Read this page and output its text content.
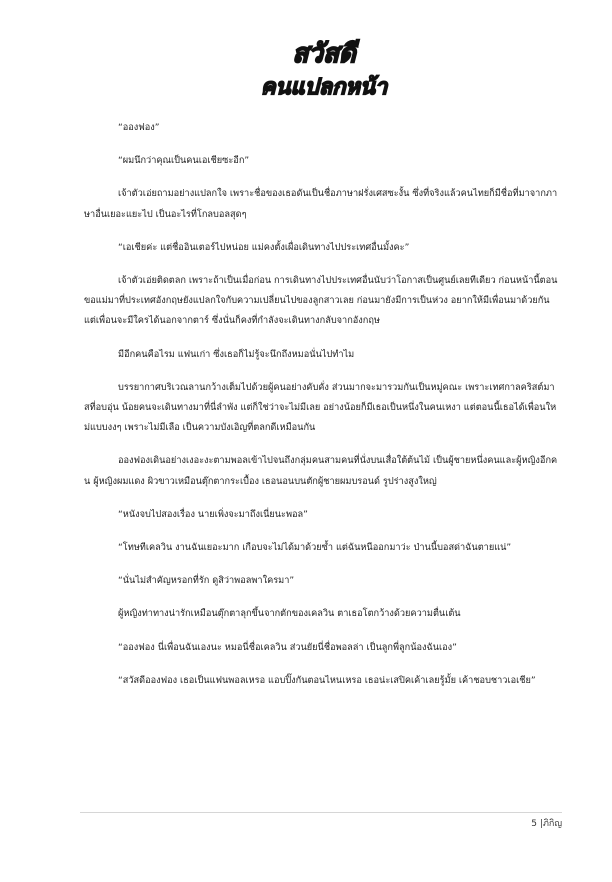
สวัสดี
คนแปลกหน้า

“อองฟอง”

“ผมนึกว่าคุณเป็นคนเอเชียซะอีก”

เจ้าตัวเอ่ยถามอย่างแปลกใจ เพราะชื่อของเธอดันเป็นชื่อภาษาฝรั่งเศสซะงั้น ซึ่งที่จริงแล้วคนไทยก็มีชื่อที่มาจากภาษาอื่นเยอะแยะไป เป็นอะไรที่โกลบอลสุดๆ

“เอเชียค่ะ แต่ชื่ออินเตอร์ไปหน่อย แม่คงตั้งเผื่อเดินทางไปประเทศอื่นมั้งคะ”

เจ้าตัวเอ่ยติดตลก เพราะถ้าเป็นเมื่อก่อน การเดินทางไปประเทศอื่นนับว่าโอกาสเป็นศูนย์เลยทีเดียว ก่อนหน้านี้ตอนขอแม่มาที่ประเทศอังกฤษยังแปลกใจกับความเปลี่ยนไปของลูกสาวเลย ก่อนมายังมีการเป็นห่วง อยากให้มีเพื่อนมาด้วยกัน แต่เพื่อนจะมีใครได้นอกจากตาร์ ซึ่งนั่นก็คงที่กำลังจะเดินทางกลับจากอังกฤษ

มีอีกคนคือไรม แฟนเก่า ซึ่งเธอก็ไม่รู้จะนึกถึงหมอนั่นไปทำไม

บรรยากาศบริเวณลานกว้างเต็มไปด้วยผู้คนอย่างคับคั่ง ส่วนมากจะมารวมกันเป็นหมู่คณะ เพราะเทศกาลคริสต์มาสที่อบอุ่น น้อยคนจะเดินทางมาที่นี่ลำพัง แต่ก็ใช่ว่าจะไม่มีเลย อย่างน้อยก็มีเธอเป็นหนึ่งในคนเหงา แต่ตอนนี้เธอได้เพื่อนใหม่แบบงงๆ เพราะไม่มีเลือ เป็นความบังเอิญที่ตลกดีเหมือนกัน

อองฟองเดินอย่างเงอะงะตามพอลเข้าไปจนถึงกลุ่มคนสามคนที่นั่งบนเสื่อใต้ต้นไม้ เป็นผู้ชายหนึ่งคนและผู้หญิงอีกคน ผู้หญิงผมแดง ผิวขาวเหมือนตุ๊กตากระเบื้อง เธอนอนบนตักผู้ชายผมบรอนด์ รูปร่างสูงใหญ่

“หนังจบไปสองเรื่อง นายเพิ่งจะมาถึงเนี่ยนะพอล”

“โทษทีเคลวิน งานฉันเยอะมาก เกือบจะไม่ได้มาด้วยซ้ำ แต่ฉันหนีออกมาว่ะ ป่านนี้บอสด่าฉันตายแน่”

“นั่นไม่สำคัญหรอกที่รัก ดูสิว่าพอลพาใครมา”

ผู้หญิงท่าทางน่ารักเหมือนตุ๊กตาลุกขึ้นจากตักของเคลวิน ตาเธอโตกว้างด้วยความตื่นเต้น

“อองฟอง นี่เพื่อนฉันเองนะ หมอนี่ชื่อเคลวิน ส่วนยัยนี่ชื่อพอลล่า เป็นลูกพี่ลูกน้องฉันเอง”

“สวัสดีอองฟอง เธอเป็นแฟนพอลเหรอ แอบปิ๊งกันตอนไหนเหรอ เธอน่ะเสปิคเค้าเลยรู้มั้ย เค้าชอบชาวเอเชีย”

5 |ภิกิญ
